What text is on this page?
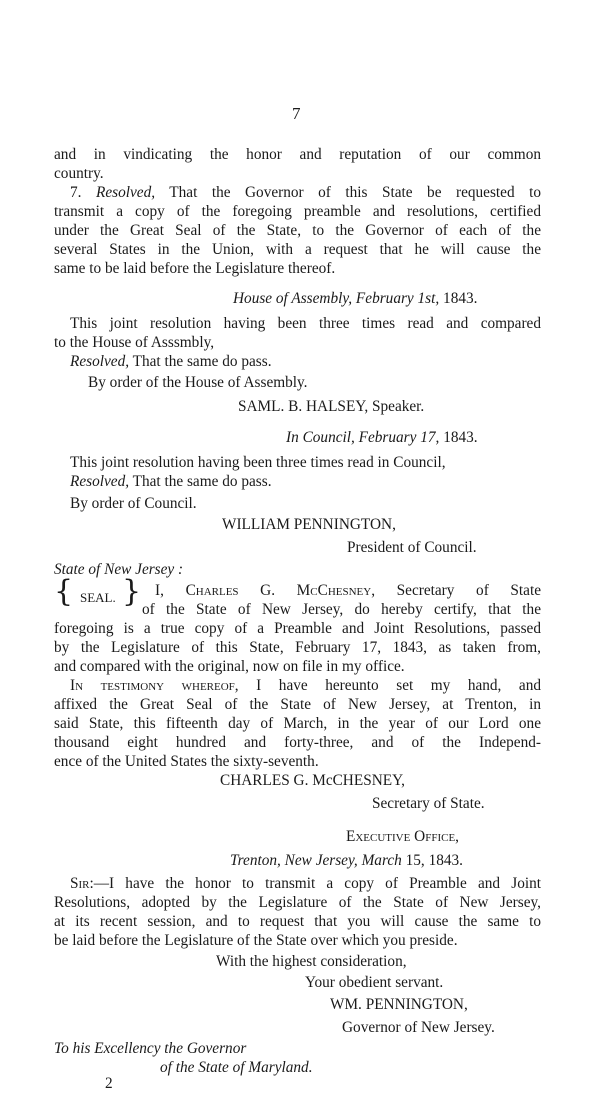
7
and in vindicating the honor and reputation of our common
country.
7. Resolved, That the Governor of this State be requested to
transmit a copy of the foregoing preamble and resolutions, certified
under the Great Seal of the State, to the Governor of each of the
several States in the Union, with a request that he will cause the
same to be laid before the Legislature thereof.
House of Assembly, February 1st, 1843.
This joint resolution having been three times read and compared
to the House of Asssmbly,
Resolved, That the same do pass.
By order of the House of Assembly.
SAML. B. HALSEY, Speaker.
In Council, February 17, 1843.
This joint resolution having been three times read in Council,
Resolved, That the same do pass.
By order of Council.
WILLIAM PENNINGTON,
President of Council.
State of New Jersey :
{ SEAL. } I, Charles G. McChesney, Secretary of State
of the State of New Jersey, do hereby certify, that the
foregoing is a true copy of a Preamble and Joint Resolutions, passed
by the Legislature of this State, February 17, 1843, as taken from,
and compared with the original, now on file in my office.
In testimony whereof, I have hereunto set my hand, and
affixed the Great Seal of the State of New Jersey, at Trenton, in
said State, this fifteenth day of March, in the year of our Lord one
thousand eight hundred and forty-three, and of the Independ-
ence of the United States the sixty-seventh.
CHARLES G. McCHESNEY,
Secretary of State.
Executive Office,
Trenton, New Jersey, March 15, 1843.
Sir:—I have the honor to transmit a copy of Preamble and Joint
Resolutions, adopted by the Legislature of the State of New Jersey,
at its recent session, and to request that you will cause the same to
be laid before the Legislature of the State over which you preside.
With the highest consideration,
Your obedient servant.
WM. PENNINGTON,
Governor of New Jersey.
To his Excellency the Governor
of the State of Maryland.
2
